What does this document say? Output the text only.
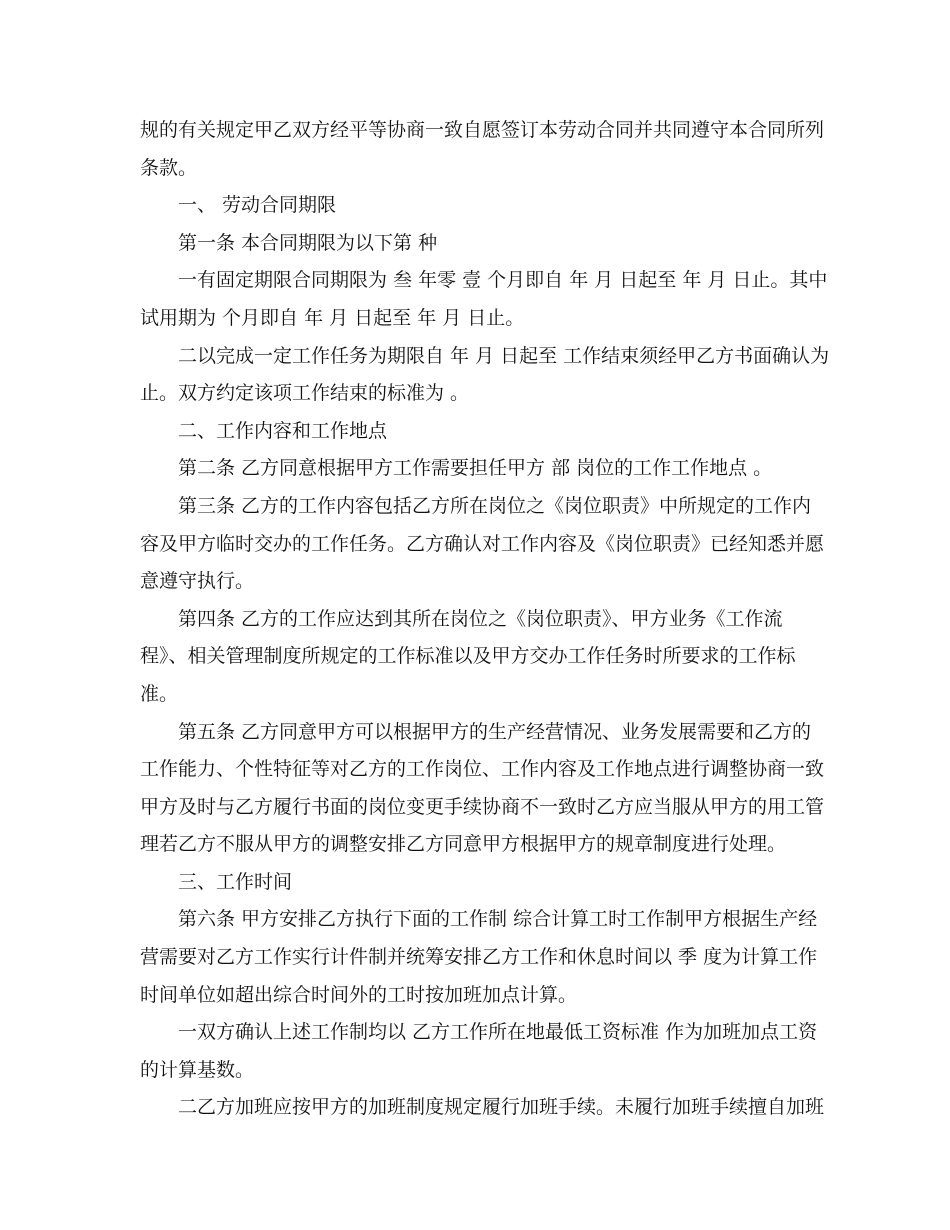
规的有关规定甲乙双方经平等协商一致自愿签订本劳动合同并共同遵守本合同所列
条款。

一、 劳动合同期限

第一条 本合同期限为以下第 种

一有固定期限合同期限为 叁 年零 壹 个月即自 年 月 日起至 年 月 日止。其中
试用期为 个月即自 年 月 日起至 年 月 日止。

二以完成一定工作任务为期限自 年 月 日起至 工作结束须经甲乙方书面确认为
止。双方约定该项工作结束的标准为 。

二、工作内容和工作地点

第二条 乙方同意根据甲方工作需要担任甲方 部 岗位的工作工作地点 。

第三条 乙方的工作内容包括乙方所在岗位之《岗位职责》中所规定的工作内
容及甲方临时交办的工作任务。乙方确认对工作内容及《岗位职责》已经知悉并愿
意遵守执行。

第四条 乙方的工作应达到其所在岗位之《岗位职责》、甲方业务《工作流
程》、相关管理制度所规定的工作标准以及甲方交办工作任务时所要求的工作标
准。

第五条 乙方同意甲方可以根据甲方的生产经营情况、业务发展需要和乙方的
工作能力、个性特征等对乙方的工作岗位、工作内容及工作地点进行调整协商一致
甲方及时与乙方履行书面的岗位变更手续协商不一致时乙方应当服从甲方的用工管
理若乙方不服从甲方的调整安排乙方同意甲方根据甲方的规章制度进行处理。

三、工作时间

第六条 甲方安排乙方执行下面的工作制 综合计算工时工作制甲方根据生产经
营需要对乙方工作实行计件制并统筹安排乙方工作和休息时间以 季 度为计算工作
时间单位如超出综合时间外的工时按加班加点计算。

一双方确认上述工作制均以 乙方工作所在地最低工资标准 作为加班加点工资
的计算基数。

二乙方加班应按甲方的加班制度规定履行加班手续。未履行加班手续擅自加班
